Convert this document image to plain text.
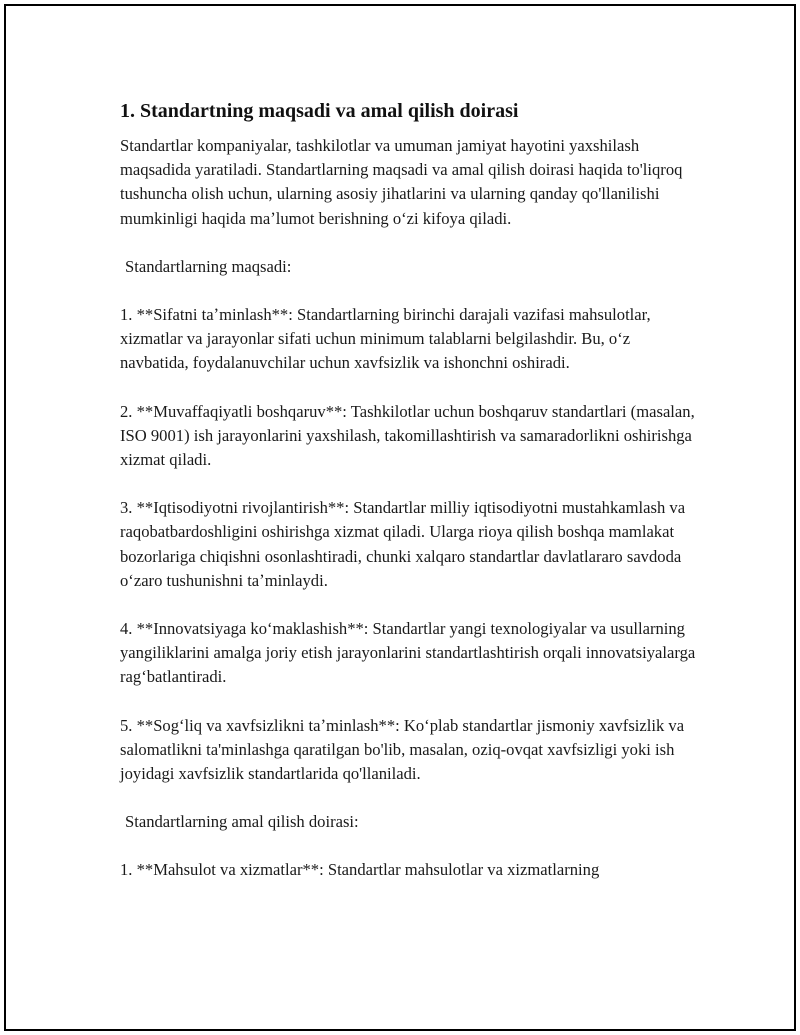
1. Standartning maqsadi va amal qilish doirasi

Standartlar kompaniyalar, tashkilotlar va umuman jamiyat hayotini yaxshilash maqsadida yaratiladi. Standartlarning maqsadi va amal qilish doirasi haqida to'liqroq tushuncha olish uchun, ularning asosiy jihatlarini va ularning qanday qo'llanilishi mumkinligi haqida maʼlumot berishning oʻzi kifoya qiladi.

Standartlarning maqsadi:

1. **Sifatni taʼminlash**: Standartlarning birinchi darajali vazifasi mahsulotlar, xizmatlar va jarayonlar sifati uchun minimum talablarni belgilashdir. Bu, oʻz navbatida, foydalanuvchilar uchun xavfsizlik va ishonchni oshiradi.

2. **Muvaffaqiyatli boshqaruv**: Tashkilotlar uchun boshqaruv standartlari (masalan, ISO 9001) ish jarayonlarini yaxshilash, takomillashtirish va samaradorlikni oshirishga xizmat qiladi.

3. **Iqtisodiyotni rivojlantirish**: Standartlar milliy iqtisodiyotni mustahkamlash va raqobatbardoshligini oshirishga xizmat qiladi. Ularga rioya qilish boshqa mamlakat bozorlariga chiqishni osonlashtiradi, chunki xalqaro standartlar davlatlararo savdoda oʻzaro tushunishni taʼminlaydi.

4. **Innovatsiyaga koʻmaklashish**: Standartlar yangi texnologiyalar va usullarning yangiliklarini amalga joriy etish jarayonlarini standartlashtirish orqali innovatsiyalarga ragʻbatlantiradi.

5. **Sogʻliq va xavfsizlikni taʼminlash**: Koʻplab standartlar jismoniy xavfsizlik va salomatlikni ta'minlashga qaratilgan bo'lib, masalan, oziq-ovqat xavfsizligi yoki ish joyidagi xavfsizlik standartlarida qo'llaniladi.

Standartlarning amal qilish doirasi:

1. **Mahsulot va xizmatlar**: Standartlar mahsulotlar va xizmatlarning
